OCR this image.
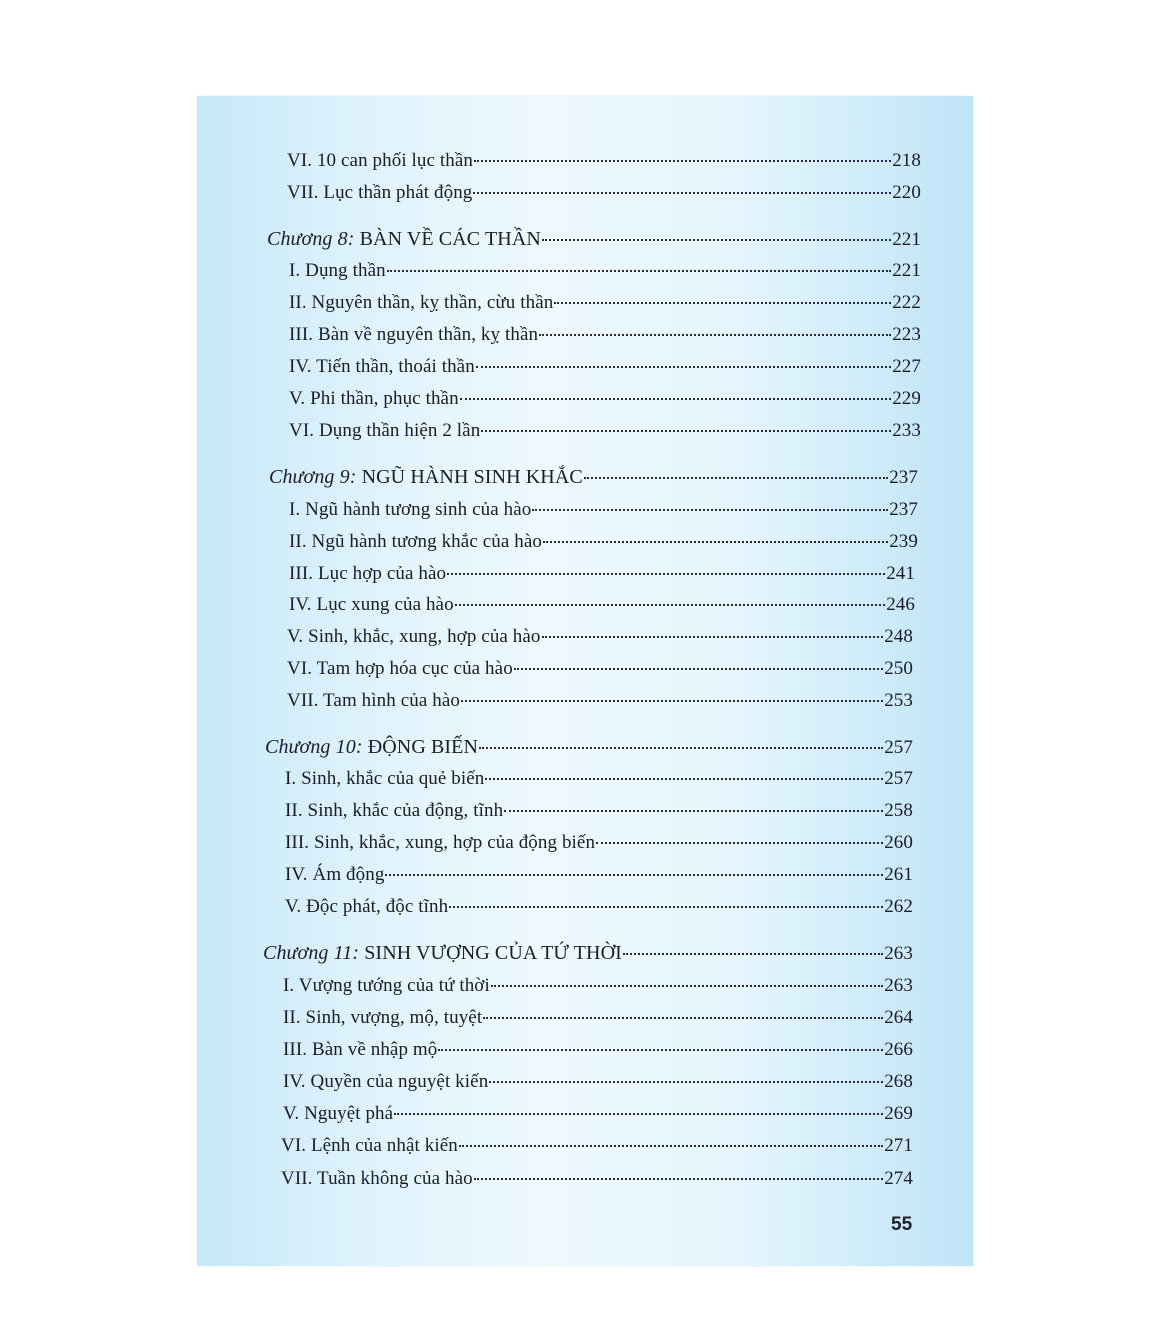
VI. 10 can phối lục thần	218
VII. Lục thần phát động	220
Chương 8: BÀN VỀ CÁC THẦN	221
I. Dụng thần	221
II. Nguyên thần, kỵ thần, cừu thần	222
III. Bàn về nguyên thần, kỵ thần	223
IV. Tiến thần, thoái thần	227
V. Phi thần, phục thần	229
VI. Dụng thần hiện 2 lần	233
Chương 9: NGŨ HÀNH SINH KHẮC	237
I. Ngũ hành tương sinh của hào	237
II. Ngũ hành tương khắc của hào	239
III. Lục hợp của hào	241
IV. Lục xung của hào	246
V. Sinh, khắc, xung, hợp của hào	248
VI. Tam hợp hóa cục của hào	250
VII. Tam hình của hào	253
Chương 10: ĐỘNG BIẾN	257
I. Sinh, khắc của quẻ biến	257
II. Sinh, khắc của động, tĩnh	258
III. Sinh, khắc, xung, hợp của động biến	260
IV. Ám động	261
V. Độc phát, độc tĩnh	262
Chương 11: SINH VƯỢNG CỦA TỨ THỜI	263
I. Vượng tướng của tứ thời	263
II. Sinh, vượng, mộ, tuyệt	264
III. Bàn về nhập mộ	266
IV. Quyền của nguyệt kiến	268
V. Nguyệt phá	269
VI. Lệnh của nhật kiến	271
VII. Tuần không của hào	274
55
